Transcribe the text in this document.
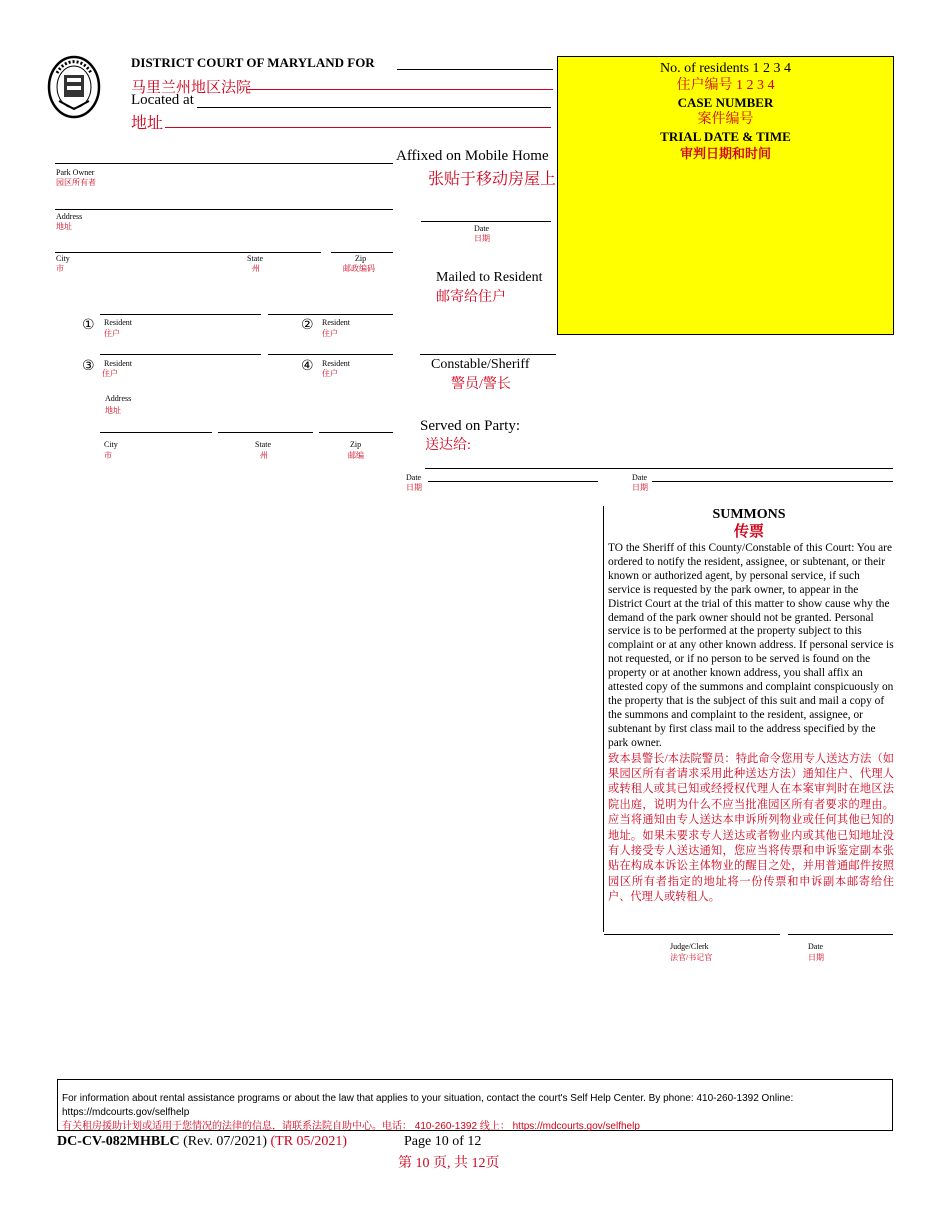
DISTRICT COURT OF MARYLAND FOR
马里兰州地区法院
Located at
地址
No. of residents 1 2 3 4
住户编号 1 2 3 4
CASE NUMBER
案件编号
TRIAL DATE & TIME
审判日期和时间
Park Owner
园区所有者
Address
地址
City
市
State
州
Zip
邮政编码
① Resident
住户
② Resident
住户
③ Resident
住户	④ Resident
住户
Address
地址
City
市
State
州
Zip
邮编
Affixed on Mobile Home
张贴于移动房屋上
Date
日期
Mailed to Resident
邮寄给住户
Constable/Sheriff
警员/警长
Served on Party:
送达给:
Date
日期
Date
日期
SUMMONS
传票
TO the Sheriff of this County/Constable of this Court: You are ordered to notify the resident, assignee, or subtenant, or their known or authorized agent, by personal service, if such service is requested by the park owner, to appear in the District Court at the trial of this matter to show cause why the demand of the park owner should not be granted. Personal service is to be performed at the property subject to this complaint or at any other known address. If personal service is not requested, or if no person to be served is found on the property or at another known address, you shall affix an attested copy of the summons and complaint conspicuously on the property that is the subject of this suit and mail a copy of the summons and complaint to the resident, assignee, or subtenant by first class mail to the address specified by the park owner.
致本县警长/本法院警员：特此命令您用专人送达方法（如果园区所有者请求采用此种送达方法）通知住户、代理人或转租人或其已知或经授权代理人在本案审判时在地区法院出庭，说明为什么不应当批准园区所有者要求的理由。应当将通知由专人送达本申诉所列物业或任何其他已知的地址。如果未要求专人送达或者物业内或其他已知地址没有人接受专人送达通知，您应当将传票和申诉鉴定副本张贴在构成本诉讼主体物业的醒目之处，并用普通邮件按照园区所有者指定的地址将一份传票和申诉副本邮寄给住户、代理人或转租人。
Judge/Clerk
法官/书记官
Date
日期
For information about rental assistance programs or about the law that applies to your situation, contact the court's Self Help Center. By phone: 410-260-1392 Online: https://mdcourts.gov/selfhelp
有关租房援助计划或适用于您情况的法律的信息，请联系法院自助中心。电话： 410-260-1392 线上： https://mdcourts.gov/selfhelp
DC-CV-082MHBLC (Rev. 07/2021) (TR 05/2021)	Page 10 of 12
第 10 页, 共 12页
